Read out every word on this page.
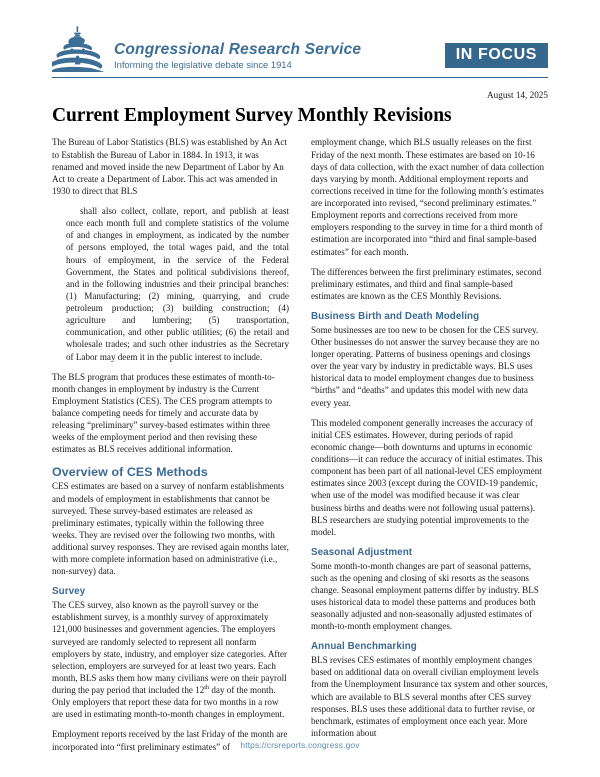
Congressional Research Service
Informing the legislative debate since 1914
IN FOCUS
August 14, 2025
Current Employment Survey Monthly Revisions

The Bureau of Labor Statistics (BLS) was established by An Act to Establish the Bureau of Labor in 1884. In 1913, it was renamed and moved inside the new Department of Labor by An Act to create a Department of Labor. This act was amended in 1930 to direct that BLS

shall also collect, collate, report, and publish at least once each month full and complete statistics of the volume of and changes in employment, as indicated by the number of persons employed, the total wages paid, and the total hours of employment, in the service of the Federal Government, the States and political subdivisions thereof, and in the following industries and their principal branches: (1) Manufacturing; (2) mining, quarrying, and crude petroleum production; (3) building construction; (4) agriculture and lumbering; (5) transportation, communication, and other public utilities; (6) the retail and wholesale trades; and such other industries as the Secretary of Labor may deem it in the public interest to include.

The BLS program that produces these estimates of month-to-month changes in employment by industry is the Current Employment Statistics (CES). The CES program attempts to balance competing needs for timely and accurate data by releasing “preliminary” survey-based estimates within three weeks of the employment period and then revising these estimates as BLS receives additional information.

Overview of CES Methods

CES estimates are based on a survey of nonfarm establishments and models of employment in establishments that cannot be surveyed. These survey-based estimates are released as preliminary estimates, typically within the following three weeks. They are revised over the following two months, with additional survey responses. They are revised again months later, with more complete information based on administrative (i.e., non-survey) data.

Survey

The CES survey, also known as the payroll survey or the establishment survey, is a monthly survey of approximately 121,000 businesses and government agencies. The employers surveyed are randomly selected to represent all nonfarm employers by state, industry, and employer size categories. After selection, employers are surveyed for at least two years. Each month, BLS asks them how many civilians were on their payroll during the pay period that included the 12th day of the month. Only employers that report these data for two months in a row are used in estimating month-to-month changes in employment.

Employment reports received by the last Friday of the month are incorporated into “first preliminary estimates” of

employment change, which BLS usually releases on the first Friday of the next month. These estimates are based on 10-16 days of data collection, with the exact number of data collection days varying by month. Additional employment reports and corrections received in time for the following month’s estimates are incorporated into revised, “second preliminary estimates.” Employment reports and corrections received from more employers responding to the survey in time for a third month of estimation are incorporated into “third and final sample-based estimates” for each month.

The differences between the first preliminary estimates, second preliminary estimates, and third and final sample-based estimates are known as the CES Monthly Revisions.

Business Birth and Death Modeling

Some businesses are too new to be chosen for the CES survey. Other businesses do not answer the survey because they are no longer operating. Patterns of business openings and closings over the year vary by industry in predictable ways. BLS uses historical data to model employment changes due to business “births” and “deaths” and updates this model with new data every year.

This modeled component generally increases the accuracy of initial CES estimates. However, during periods of rapid economic change—both downturns and upturns in economic conditions—it can reduce the accuracy of initial estimates. This component has been part of all national-level CES employment estimates since 2003 (except during the COVID-19 pandemic, when use of the model was modified because it was clear business births and deaths were not following usual patterns). BLS researchers are studying potential improvements to the model.

Seasonal Adjustment

Some month-to-month changes are part of seasonal patterns, such as the opening and closing of ski resorts as the seasons change. Seasonal employment patterns differ by industry. BLS uses historical data to model these patterns and produces both seasonally adjusted and non-seasonally adjusted estimates of month-to-month employment changes.

Annual Benchmarking

BLS revises CES estimates of monthly employment changes based on additional data on overall civilian employment levels from the Unemployment Insurance tax system and other sources, which are available to BLS several months after CES survey responses. BLS uses these additional data to further revise, or benchmark, estimates of employment once each year. More information about

https://crsreports.congress.gov
